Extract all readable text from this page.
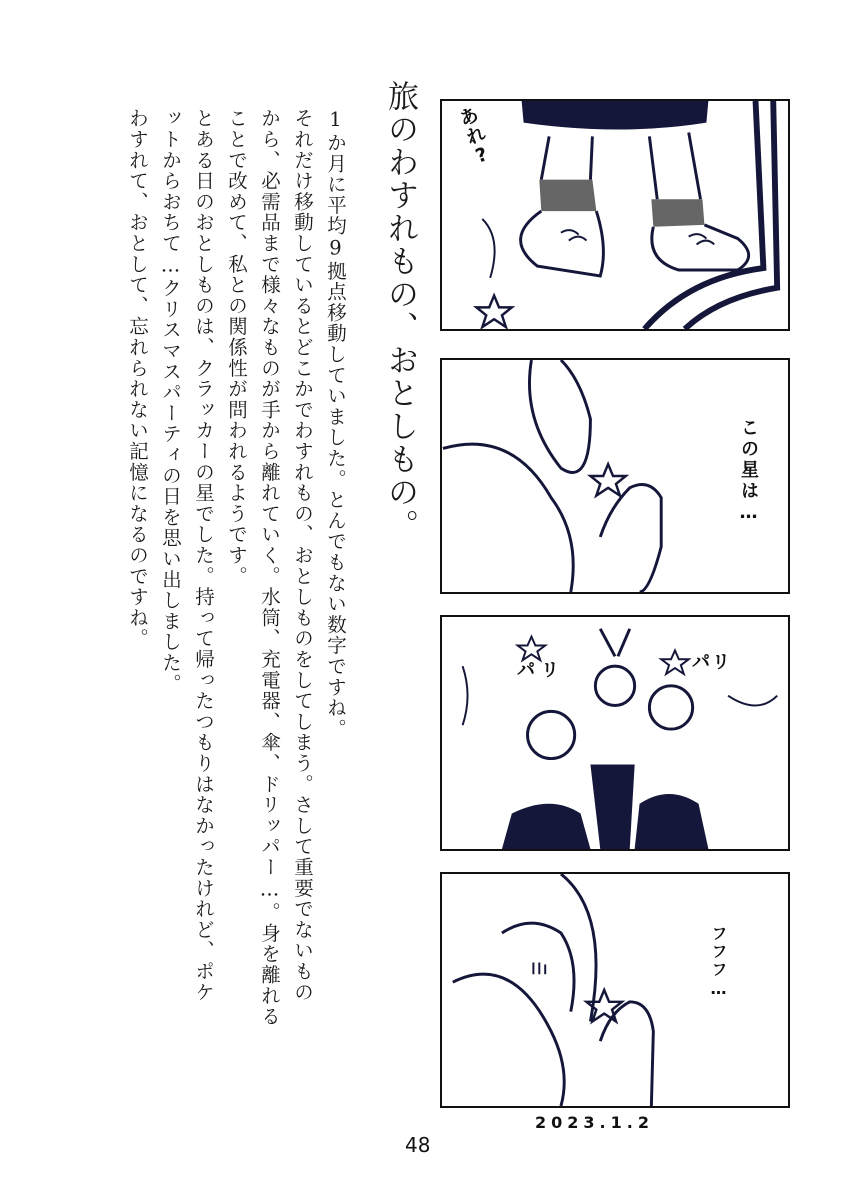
旅のわすれもの、おとしもの。
1か月に平均9拠点移動していました。とんでもない数字ですね。
それだけ移動しているとどこかでわすれもの、おとしものをしてしまう。さして重要でないもの
から、必需品まで様々なものが手から離れていく。水筒、充電器、傘、ドリッパー…。身を離れる
ことで改めて、私との関係性が問われるようです。
とある日のおとしものは、クラッカーの星でした。持って帰ったつもりはなかったけれど、ポケ
ットからおちて…クリスマスパーティの日を思い出しました。
わすれて、おとして、忘れられない記憶になるのですね。	あれ?
この星は…
パリ	パリ
フフフ…
2023.1.2
48
